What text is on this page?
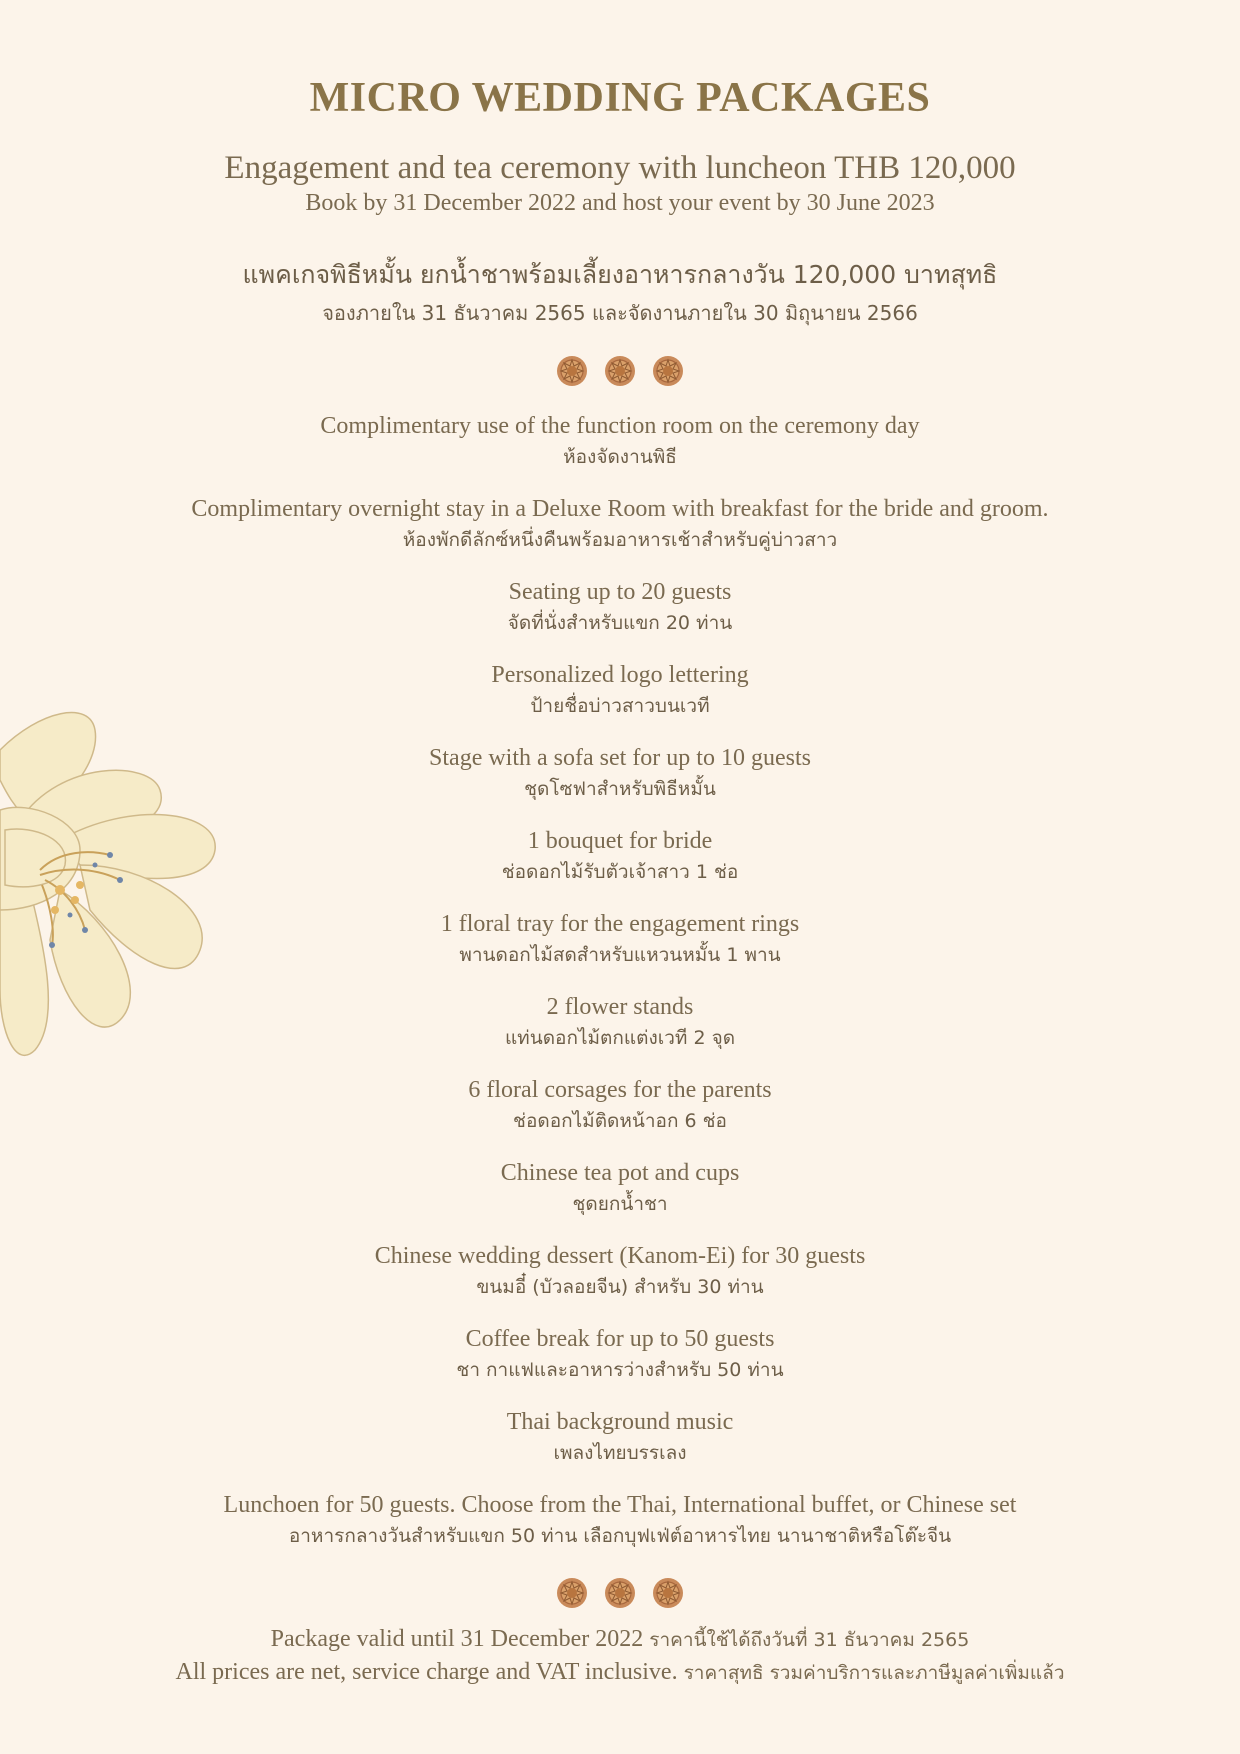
MICRO WEDDING PACKAGES
Engagement and tea ceremony with luncheon THB 120,000
Book by 31 December 2022 and host your event by 30 June 2023
แพคเกจพิธีหมั้น ยกน้ำชาพร้อมเลี้ยงอาหารกลางวัน 120,000 บาทสุทธิ
จองภายใน 31 ธันวาคม 2565 และจัดงานภายใน 30 มิถุนายน 2566
Complimentary use of the function room on the ceremony day
ห้องจัดงานพิธี
Complimentary overnight stay in a Deluxe Room with breakfast for the bride and groom.
ห้องพักดีลักซ์หนึ่งคืนพร้อมอาหารเช้าสำหรับคู่บ่าวสาว
Seating up to 20 guests
จัดที่นั่งสำหรับแขก 20 ท่าน
Personalized logo lettering
ป้ายชื่อบ่าวสาวบนเวที
Stage with a sofa set for up to 10 guests
ชุดโซฟาสำหรับพิธีหมั้น
1 bouquet for bride
ช่อดอกไม้รับตัวเจ้าสาว 1 ช่อ
1 floral tray for the engagement rings
พานดอกไม้สดสำหรับแหวนหมั้น 1 พาน
2 flower stands
แท่นดอกไม้ตกแต่งเวที 2 จุด
6 floral corsages for the parents
ช่อดอกไม้ติดหน้าอก 6 ช่อ
Chinese tea pot and cups
ชุดยกน้ำชา
Chinese wedding dessert (Kanom-Ei) for 30 guests
ขนมอี๋ (บัวลอยจีน) สำหรับ 30 ท่าน
Coffee break for up to 50 guests
ชา กาแฟและอาหารว่างสำหรับ 50 ท่าน
Thai background music
เพลงไทยบรรเลง
Lunchoen for 50 guests. Choose from the Thai, International buffet, or Chinese set
อาหารกลางวันสำหรับแขก 50 ท่าน เลือกบุฟเฟ่ต์อาหารไทย นานาชาติหรือโต๊ะจีน
Package valid until 31 December 2022 ราคานี้ใช้ได้ถึงวันที่ 31 ธันวาคม 2565
All prices are net, service charge and VAT inclusive. ราคาสุทธิ รวมค่าบริการและภาษีมูลค่าเพิ่มแล้ว
